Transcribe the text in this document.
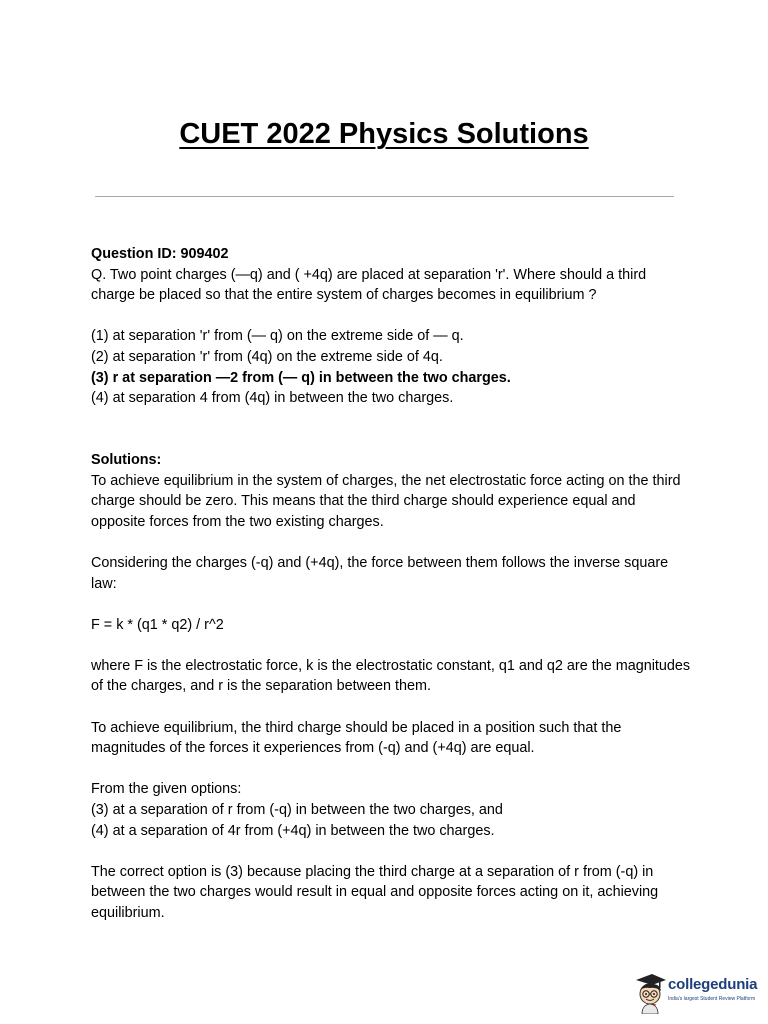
CUET 2022 Physics Solutions

Question ID: 909402

Q. Two point charges (—q) and ( +4q) are placed at separation 'r'. Where should a third charge be placed so that the entire system of charges becomes in equilibrium ?

(1) at separation 'r' from (— q) on the extreme side of — q.

(2) at separation 'r' from (4q) on the extreme side of 4q.

(3) r at separation —2 from (— q) in between the two charges.

(4) at separation 4 from (4q) in between the two charges.

Solutions:

To achieve equilibrium in the system of charges, the net electrostatic force acting on the third charge should be zero. This means that the third charge should experience equal and opposite forces from the two existing charges.

Considering the charges (-q) and (+4q), the force between them follows the inverse square law:

F = k * (q1 * q2) / r^2

where F is the electrostatic force, k is the electrostatic constant, q1 and q2 are the magnitudes of the charges, and r is the separation between them.

To achieve equilibrium, the third charge should be placed in a position such that the magnitudes of the forces it experiences from (-q) and (+4q) are equal.

From the given options:

(3) at a separation of r from (-q) in between the two charges, and

(4) at a separation of 4r from (+4q) in between the two charges.

The correct option is (3) because placing the third charge at a separation of r from (-q) in between the two charges would result in equal and opposite forces acting on it, achieving equilibrium.

collegedunia
India's largest Student Review Platform
